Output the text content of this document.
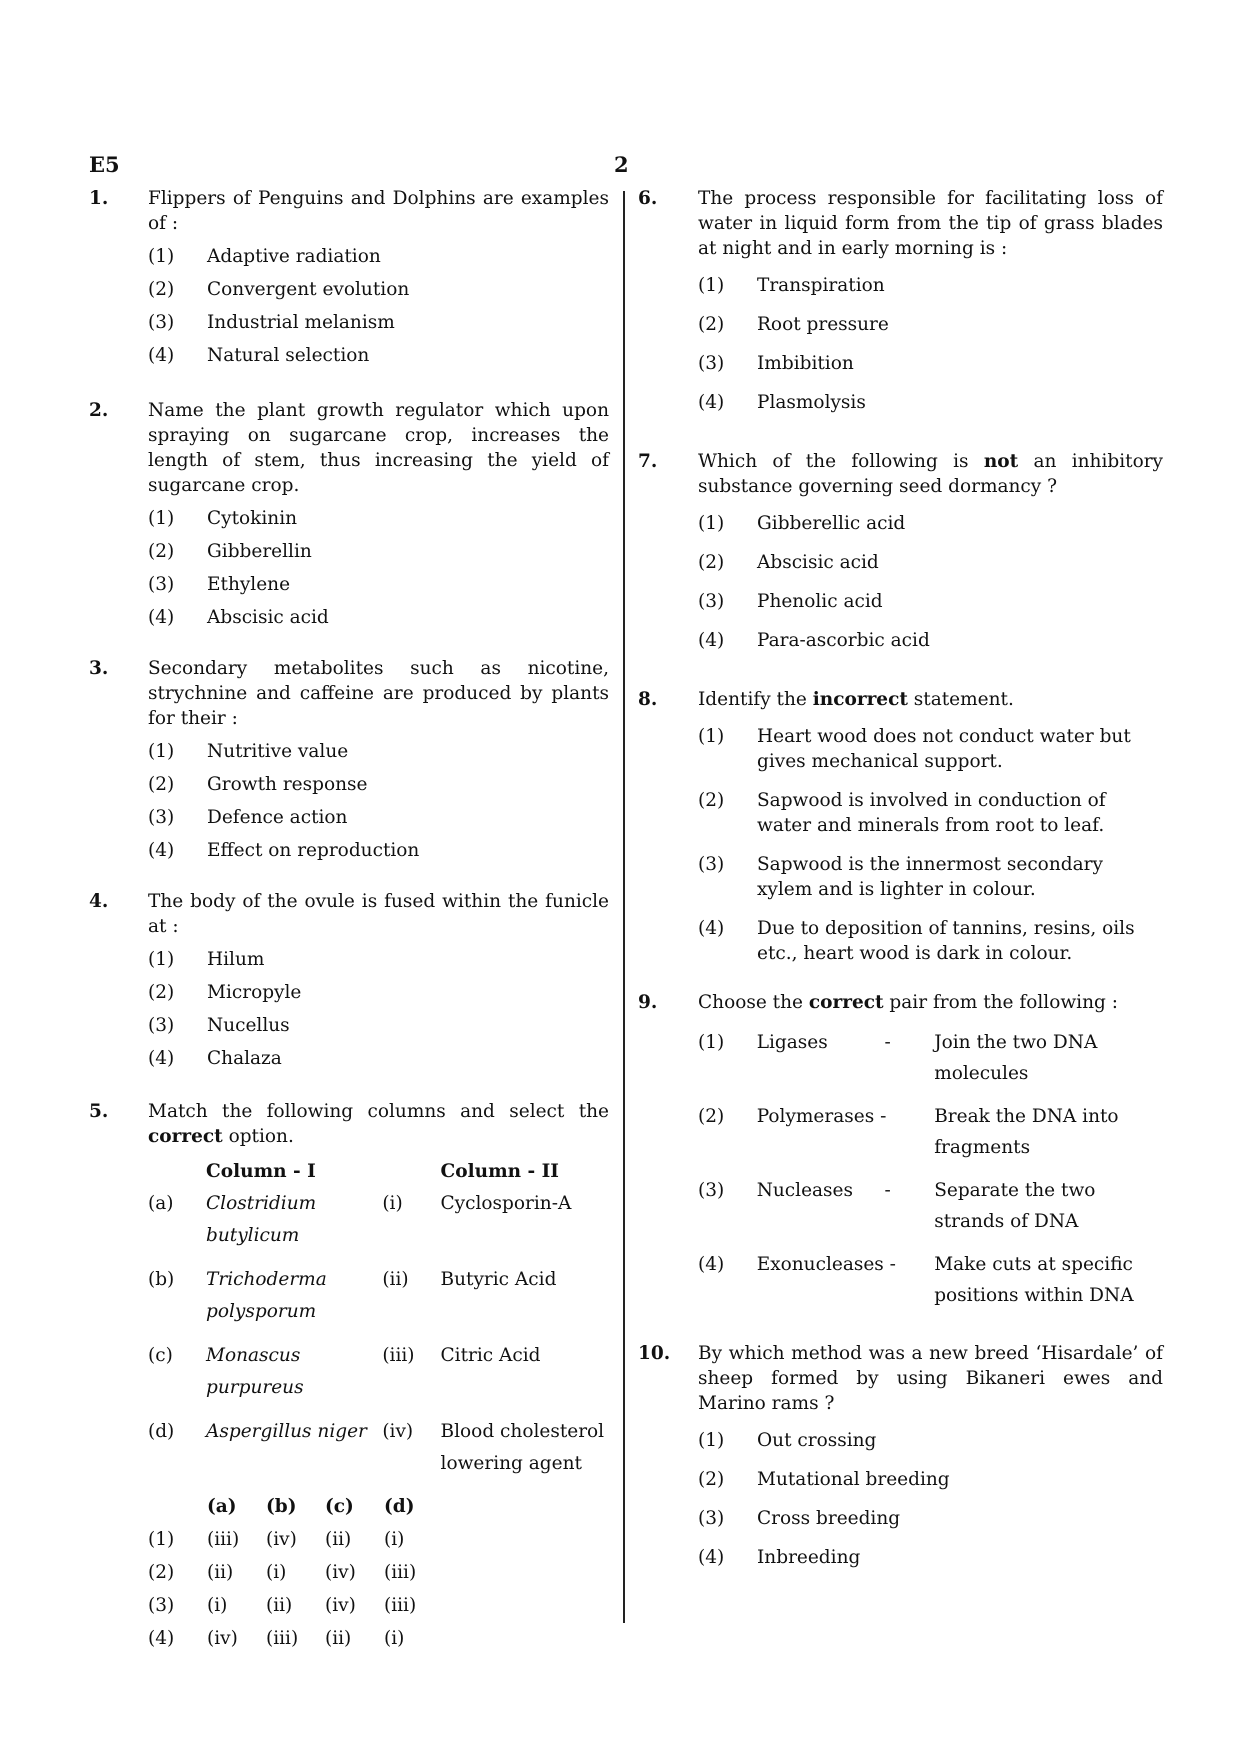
E5	2
1. Flippers of Penguins and Dolphins are examples of :
(1)	Adaptive radiation
(2)	Convergent evolution
(3)	Industrial melanism
(4)	Natural selection
2. Name the plant growth regulator which upon spraying on sugarcane crop, increases the length of stem, thus increasing the yield of sugarcane crop.
(1)	Cytokinin
(2)	Gibberellin
(3)	Ethylene
(4)	Abscisic acid
3. Secondary metabolites such as nicotine, strychnine and caffeine are produced by plants for their :
(1)	Nutritive value
(2)	Growth response
(3)	Defence action
(4)	Effect on reproduction
4. The body of the ovule is fused within the funicle at :
(1)	Hilum
(2)	Micropyle
(3)	Nucellus
(4)	Chalaza
5. Match the following columns and select the correct option.
	Column - I		Column - II
(a)	Clostridium butylicum	(i)	Cyclosporin-A
(b)	Trichoderma polysporum	(ii)	Butyric Acid
(c)	Monascus purpureus	(iii)	Citric Acid
(d)	Aspergillus niger	(iv)	Blood cholesterol lowering agent
	(a)	(b)	(c)	(d)
(1)	(iii)	(iv)	(ii)	(i)
(2)	(ii)	(i)	(iv)	(iii)
(3)	(i)	(ii)	(iv)	(iii)
(4)	(iv)	(iii)	(ii)	(i)
6. The process responsible for facilitating loss of water in liquid form from the tip of grass blades at night and in early morning is :
(1)	Transpiration
(2)	Root pressure
(3)	Imbibition
(4)	Plasmolysis
7. Which of the following is not an inhibitory substance governing seed dormancy ?
(1)	Gibberellic acid
(2)	Abscisic acid
(3)	Phenolic acid
(4)	Para-ascorbic acid
8. Identify the incorrect statement.
(1)	Heart wood does not conduct water but gives mechanical support.
(2)	Sapwood is involved in conduction of water and minerals from root to leaf.
(3)	Sapwood is the innermost secondary xylem and is lighter in colour.
(4)	Due to deposition of tannins, resins, oils etc., heart wood is dark in colour.
9. Choose the correct pair from the following :
(1)	Ligases	-	Join the two DNA molecules
(2)	Polymerases -		Break the DNA into fragments
(3)	Nucleases	-	Separate the two strands of DNA
(4)	Exonucleases -		Make cuts at specific positions within DNA
10. By which method was a new breed ‘Hisardale’ of sheep formed by using Bikaneri ewes and Marino rams ?
(1)	Out crossing
(2)	Mutational breeding
(3)	Cross breeding
(4)	Inbreeding
